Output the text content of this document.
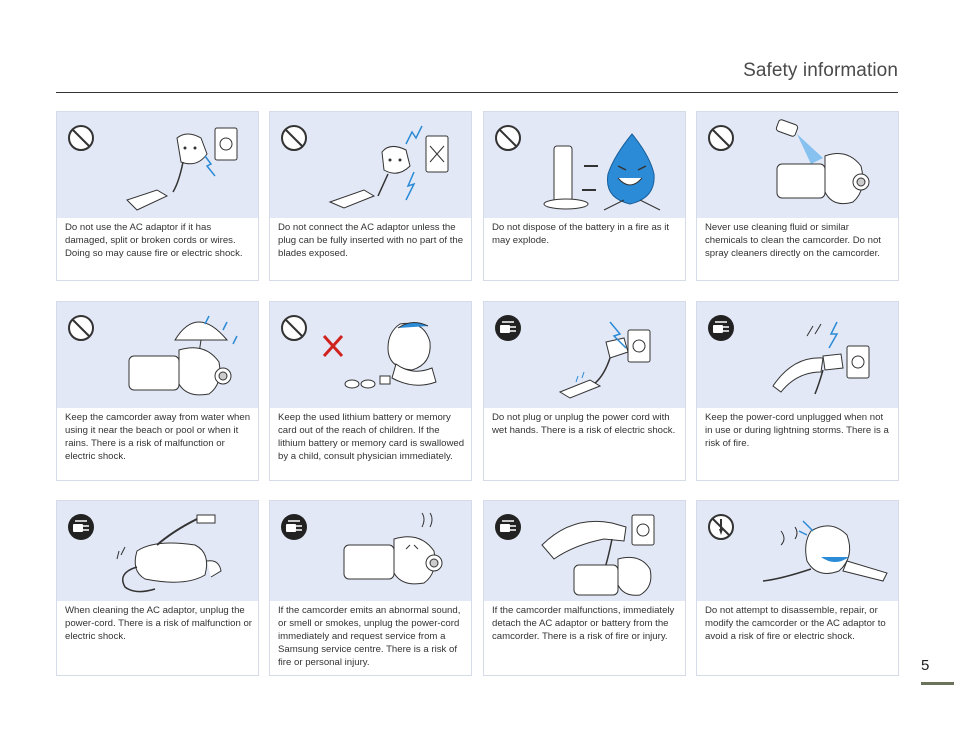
Safety information
Do not use the AC adaptor if it has damaged, split or broken cords or wires. Doing so may cause fire or electric shock.
Do not connect the AC adaptor unless the plug can be fully inserted with no part of the blades exposed.
Do not dispose of the battery in a fire as it may explode.
Never use cleaning fluid or similar chemicals to clean the camcorder. Do not spray cleaners directly on the camcorder.
Keep the camcorder away from water when using it near the beach or pool or when it rains. There is a risk of malfunction or electric shock.
Keep the used lithium battery or memory card out of the reach of children. If the lithium battery or memory card is swallowed by a child, consult physician immediately.
Do not plug or unplug the power cord with wet hands. There is a risk of electric shock.
Keep the power-cord unplugged when not in use or during lightning storms. There is a risk of fire.
When cleaning the AC adaptor, unplug the power-cord. There is a risk of malfunction or electric shock.
If the camcorder emits an abnormal sound, or smell or smokes, unplug the power-cord immediately and request service from a Samsung service centre. There is a risk of fire or personal injury.
If the camcorder malfunctions, immediately detach the AC adaptor or battery from the camcorder. There is a risk of fire or injury.
Do not attempt to disassemble, repair, or modify the camcorder or the AC adaptor to avoid a risk of fire or electric shock.
5
